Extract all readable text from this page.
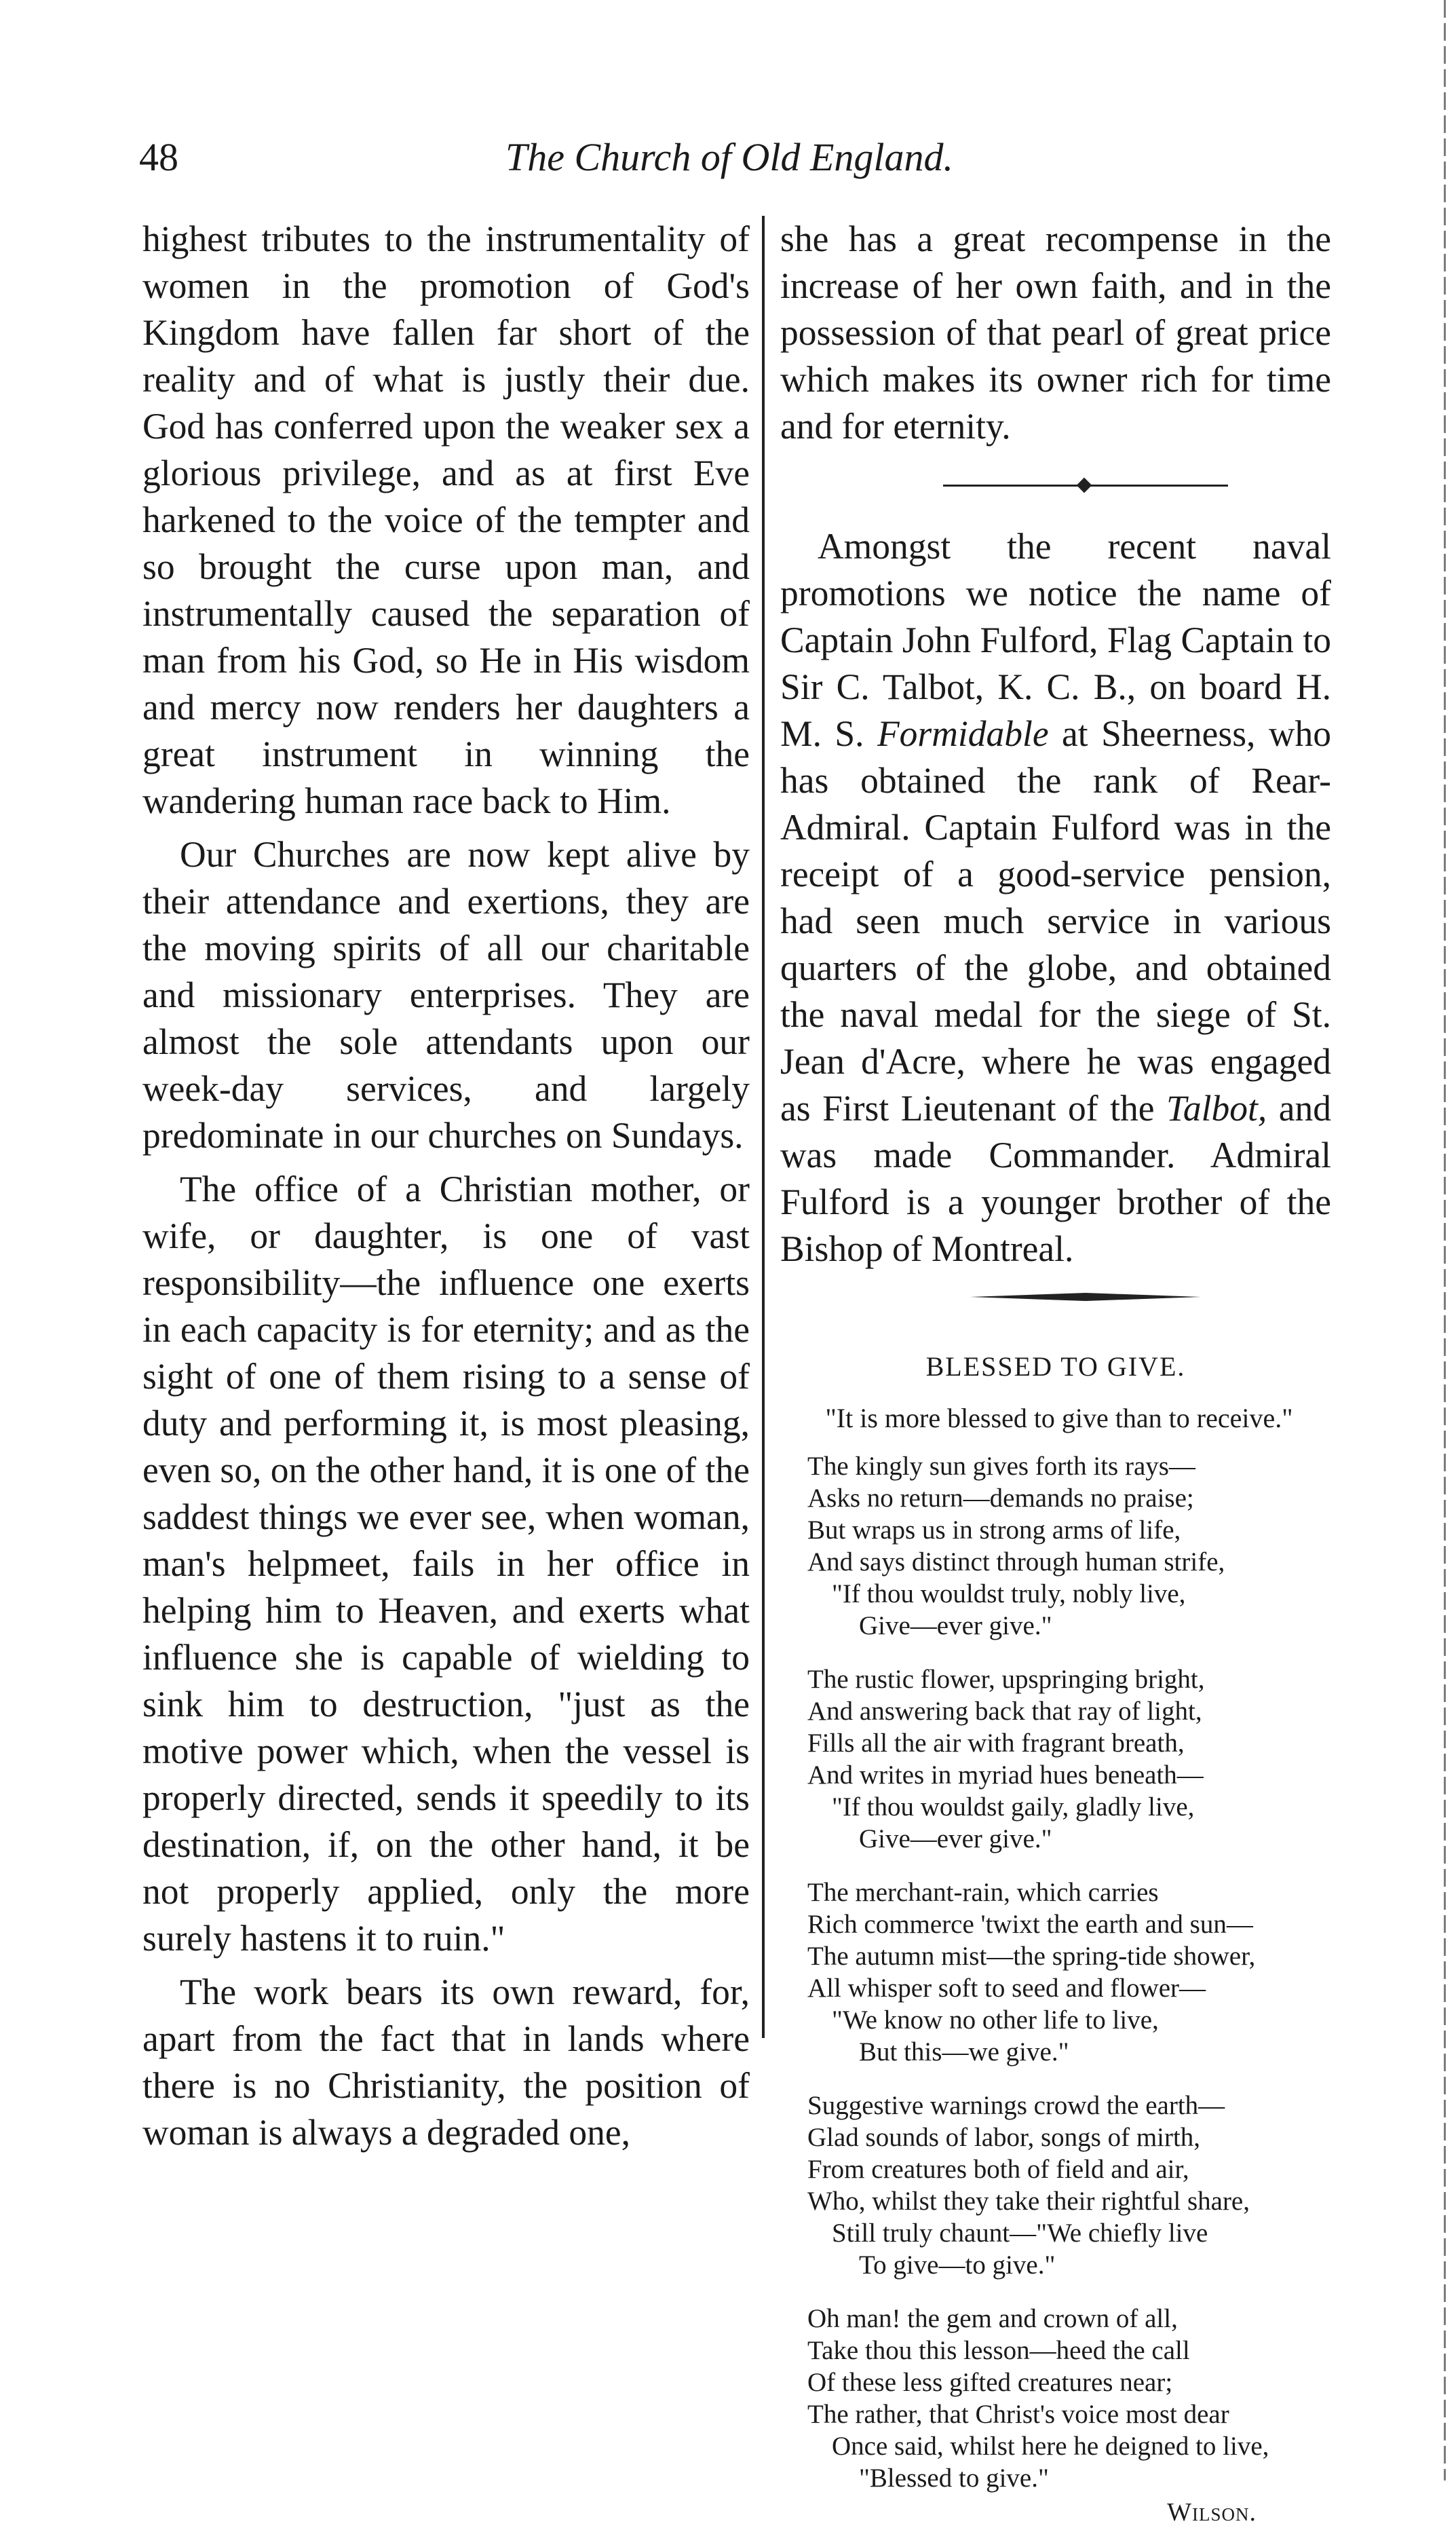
48	The Church of Old England.

highest tributes to the instrumentality of women in the promotion of God's Kingdom have fallen far short of the reality and of what is justly their due. God has conferred upon the weaker sex a glorious privilege, and as at first Eve harkened to the voice of the tempter and so brought the curse upon man, and instrumentally caused the separation of man from his God, so He in His wisdom and mercy now renders her daughters a great instrument in winning the wandering human race back to Him.

Our Churches are now kept alive by their attendance and exertions, they are the moving spirits of all our charitable and missionary enterprises. They are almost the sole attendants upon our week-day services, and largely predominate in our churches on Sundays.

The office of a Christian mother, or wife, or daughter, is one of vast responsibility—the influence one exerts in each capacity is for eternity; and as the sight of one of them rising to a sense of duty and performing it, is most pleasing, even so, on the other hand, it is one of the saddest things we ever see, when woman, man's helpmeet, fails in her office in helping him to Heaven, and exerts what influence she is capable of wielding to sink him to destruction, "just as the motive power which, when the vessel is properly directed, sends it speedily to its destination, if, on the other hand, it be not properly applied, only the more surely hastens it to ruin."

The work bears its own reward, for, apart from the fact that in lands where there is no Christianity, the position of woman is always a degraded one,

she has a great recompense in the increase of her own faith, and in the possession of that pearl of great price which makes its owner rich for time and for eternity.

Amongst the recent naval promotions we notice the name of Captain John Fulford, Flag Captain to Sir C. Talbot, K. C. B., on board H. M. S. Formidable at Sheerness, who has obtained the rank of Rear-Admiral. Captain Fulford was in the receipt of a good-service pension, had seen much service in various quarters of the globe, and obtained the naval medal for the siege of St. Jean d'Acre, where he was engaged as First Lieutenant of the Talbot, and was made Commander. Admiral Fulford is a younger brother of the Bishop of Montreal.

BLESSED TO GIVE.
"It is more blessed to give than to receive."
The kingly sun gives forth its rays—
Asks no return—demands no praise;
But wraps us in strong arms of life,
And says distinct through human strife,
"If thou wouldst truly, nobly live,
Give—ever give."
The rustic flower, upspringing bright,
And answering back that ray of light,
Fills all the air with fragrant breath,
And writes in myriad hues beneath—
"If thou wouldst gaily, gladly live,
Give—ever give."
The merchant-rain, which carries
Rich commerce 'twixt the earth and sun—
The autumn mist—the spring-tide shower,
All whisper soft to seed and flower—
"We know no other life to live,
But this—we give."
Suggestive warnings crowd the earth—
Glad sounds of labor, songs of mirth,
From creatures both of field and air,
Who, whilst they take their rightful share,
Still truly chaunt—"We chiefly live
To give—to give."
Oh man! the gem and crown of all,
Take thou this lesson—heed the call
Of these less gifted creatures near;
The rather, that Christ's voice most dear
Once said, whilst here he deigned to live,
"Blessed to give."
Wilson.
